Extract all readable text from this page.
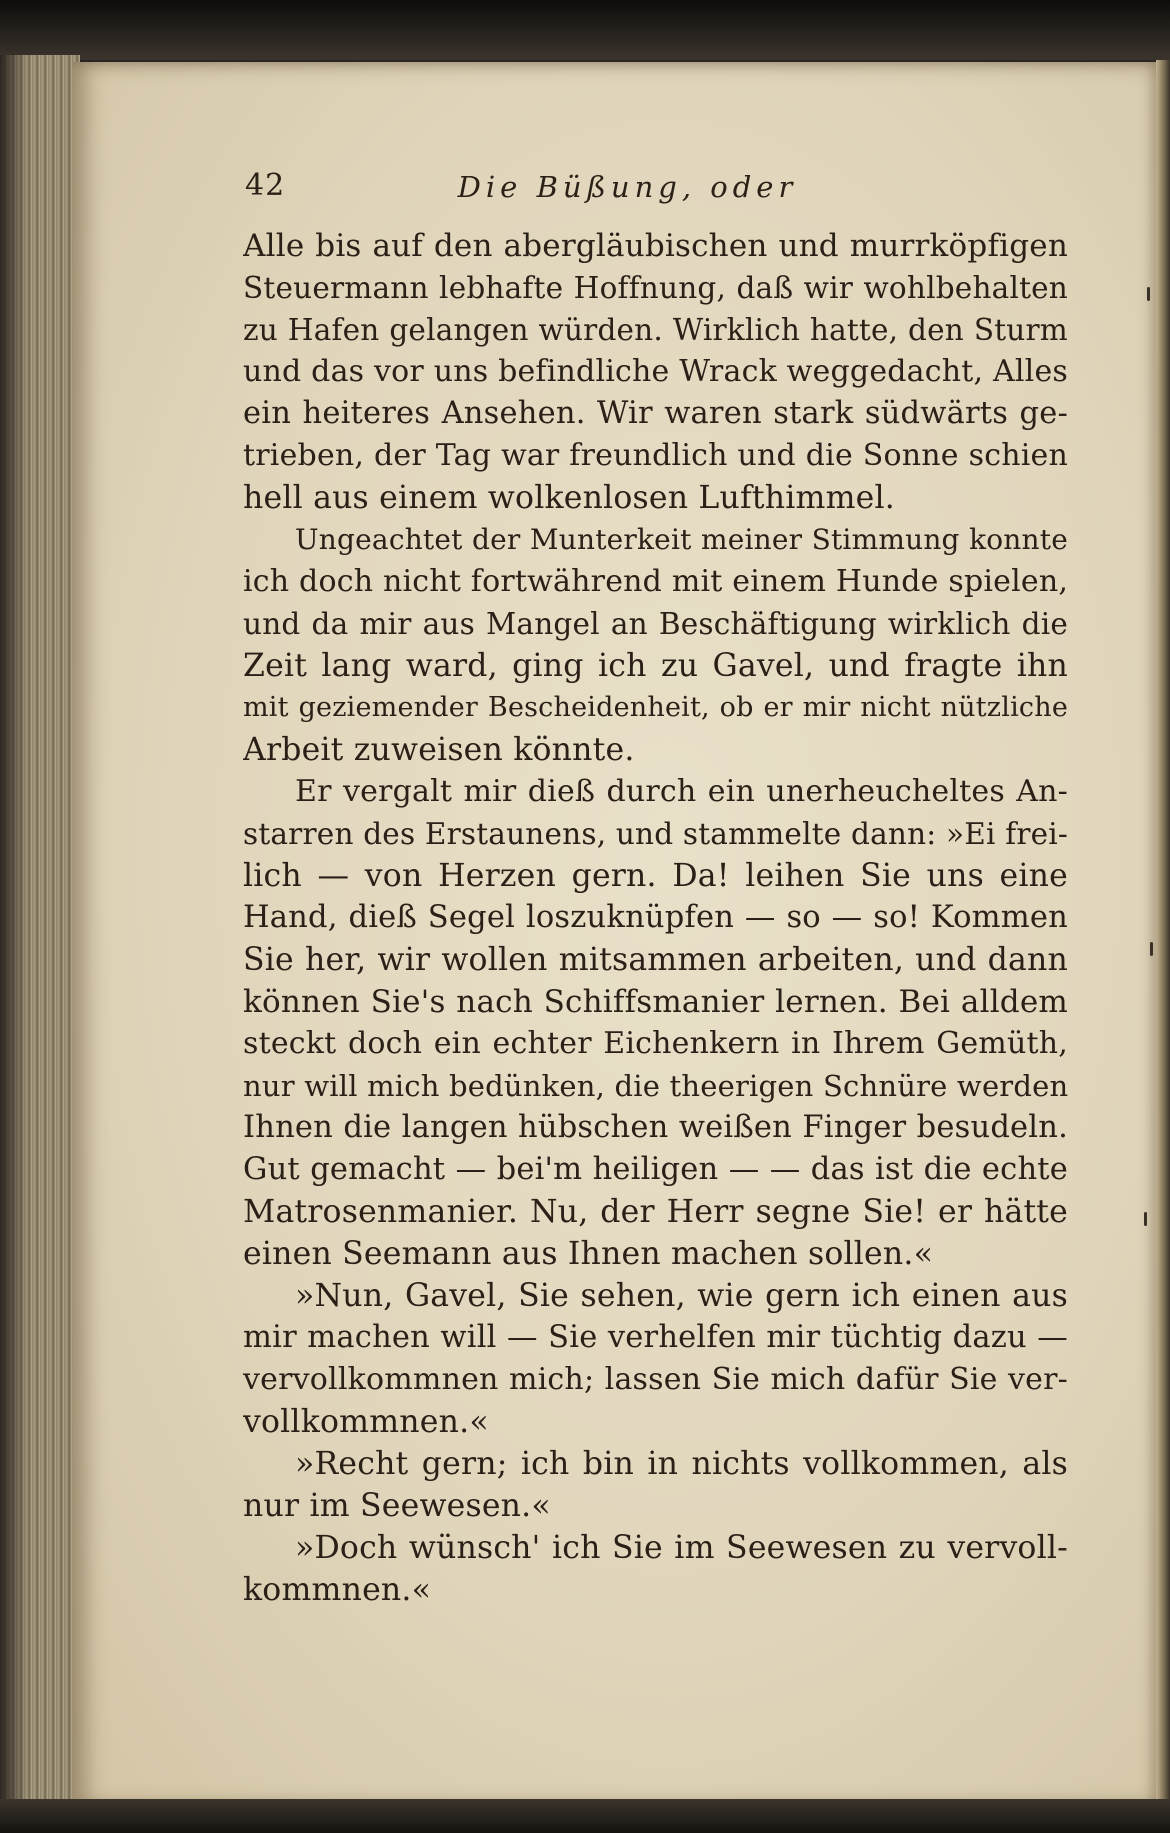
Die Büßung, oder
42
Alle bis auf den abergläubischen und murrköpfigen
Steuermann lebhafte Hoffnung, daß wir wohlbehalten
zu Hafen gelangen würden. Wirklich hatte, den Sturm
und das vor uns befindliche Wrack weggedacht, Alles
ein heiteres Ansehen. Wir waren stark südwärts ge-
trieben, der Tag war freundlich und die Sonne schien
hell aus einem wolkenlosen Lufthimmel.
Ungeachtet der Munterkeit meiner Stimmung konnte
ich doch nicht fortwährend mit einem Hunde spielen,
und da mir aus Mangel an Beschäftigung wirklich die
Zeit lang ward, ging ich zu Gavel, und fragte ihn
mit geziemender Bescheidenheit, ob er mir nicht nützliche
Arbeit zuweisen könnte.
Er vergalt mir dieß durch ein unerheucheltes An-
starren des Erstaunens, und stammelte dann: »Ei frei-
lich — von Herzen gern. Da! leihen Sie uns eine
Hand, dieß Segel loszuknüpfen — so — so! Kommen
Sie her, wir wollen mitsammen arbeiten, und dann
können Sie's nach Schiffsmanier lernen. Bei alldem
steckt doch ein echter Eichenkern in Ihrem Gemüth,
nur will mich bedünken, die theerigen Schnüre werden
Ihnen die langen hübschen weißen Finger besudeln.
Gut gemacht — bei'm heiligen — — das ist die echte
Matrosenmanier. Nu, der Herr segne Sie! er hätte
einen Seemann aus Ihnen machen sollen.«
»Nun, Gavel, Sie sehen, wie gern ich einen aus
mir machen will — Sie verhelfen mir tüchtig dazu —
vervollkommnen mich; lassen Sie mich dafür Sie ver-
vollkommnen.«
»Recht gern; ich bin in nichts vollkommen, als
nur im Seewesen.«
»Doch wünsch' ich Sie im Seewesen zu vervoll-
kommnen.«
